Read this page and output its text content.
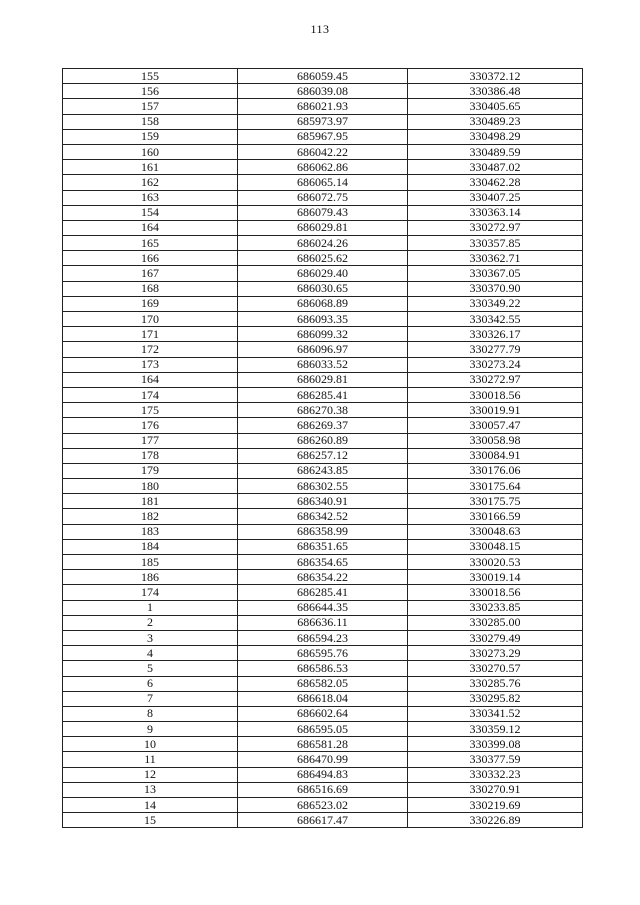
113
155	686059.45	330372.12
156	686039.08	330386.48
157	686021.93	330405.65
158	685973.97	330489.23
159	685967.95	330498.29
160	686042.22	330489.59
161	686062.86	330487.02
162	686065.14	330462.28
163	686072.75	330407.25
154	686079.43	330363.14
164	686029.81	330272.97
165	686024.26	330357.85
166	686025.62	330362.71
167	686029.40	330367.05
168	686030.65	330370.90
169	686068.89	330349.22
170	686093.35	330342.55
171	686099.32	330326.17
172	686096.97	330277.79
173	686033.52	330273.24
164	686029.81	330272.97
174	686285.41	330018.56
175	686270.38	330019.91
176	686269.37	330057.47
177	686260.89	330058.98
178	686257.12	330084.91
179	686243.85	330176.06
180	686302.55	330175.64
181	686340.91	330175.75
182	686342.52	330166.59
183	686358.99	330048.63
184	686351.65	330048.15
185	686354.65	330020.53
186	686354.22	330019.14
174	686285.41	330018.56
1	686644.35	330233.85
2	686636.11	330285.00
3	686594.23	330279.49
4	686595.76	330273.29
5	686586.53	330270.57
6	686582.05	330285.76
7	686618.04	330295.82
8	686602.64	330341.52
9	686595.05	330359.12
10	686581.28	330399.08
11	686470.99	330377.59
12	686494.83	330332.23
13	686516.69	330270.91
14	686523.02	330219.69
15	686617.47	330226.89
